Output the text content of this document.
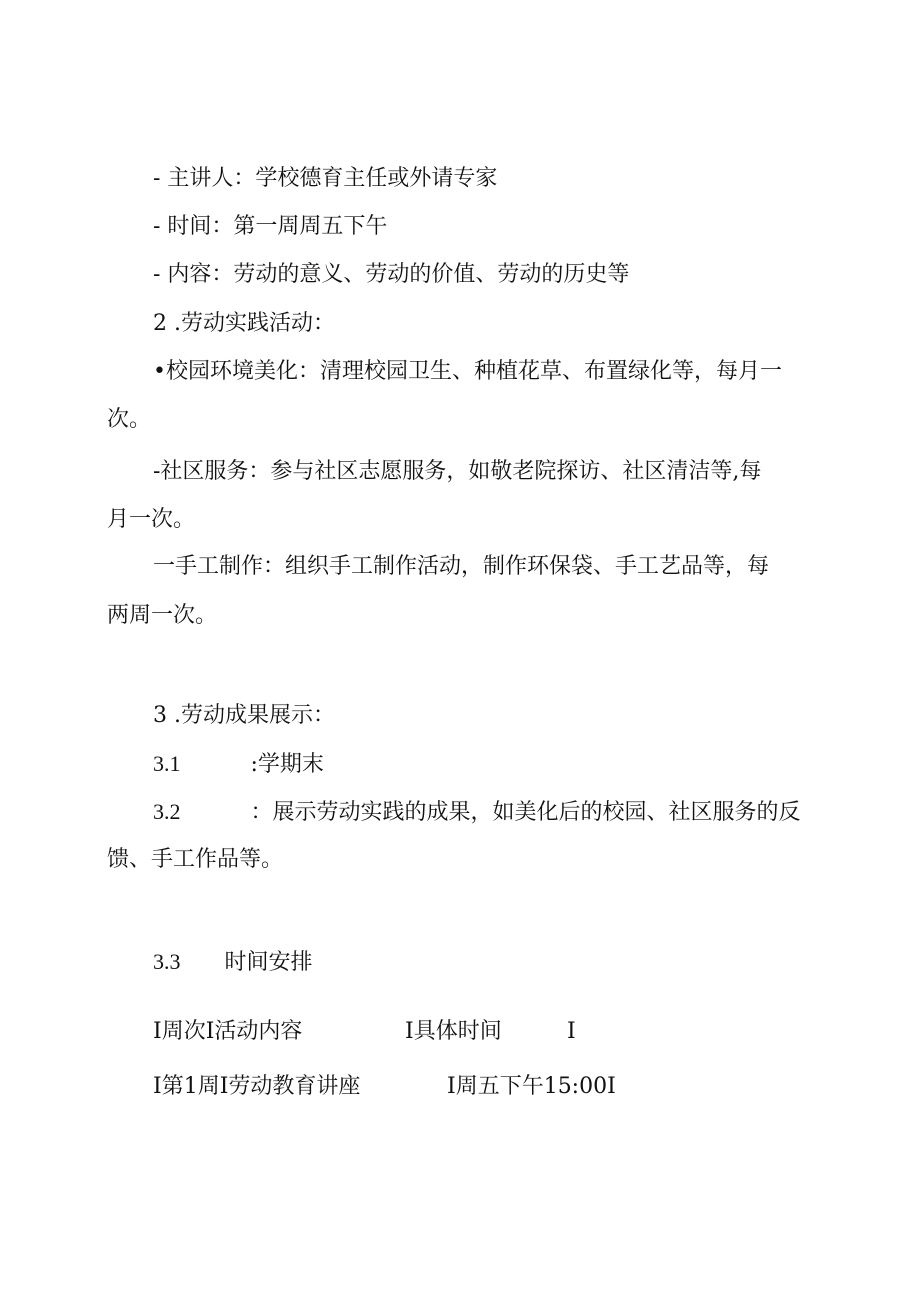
- 主讲人：学校德育主任或外请专家
- 时间：第一周周五下午
- 内容：劳动的意义、劳动的价值、劳动的历史等
2 .劳动实践活动：
•校园环境美化：清理校园卫生、种植花草、布置绿化等，每月一
次。
-社区服务：参与社区志愿服务，如敬老院探访、社区清洁等,每
月一次。
一手工制作：组织手工制作活动，制作环保袋、手工艺品等，每
两周一次。
3 .劳动成果展示：
3.1	:学期末
3.2	：展示劳动实践的成果，如美化后的校园、社区服务的反
馈、手工作品等。
3.3 时间安排
I周次I活动内容	I具体时间	I
I第1周I劳动教育讲座	I周五下午15:00I
